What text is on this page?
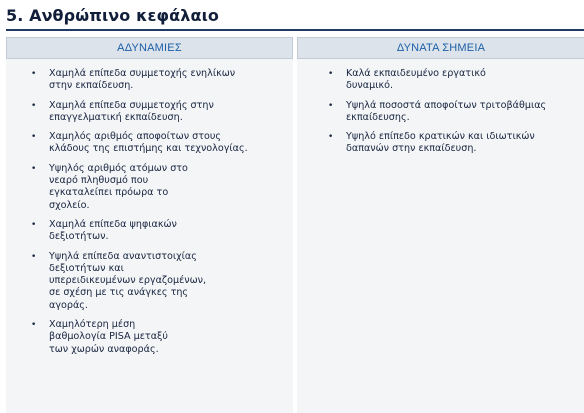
5. Ανθρώπινο κεφάλαιο
ΑΔΥΝΑΜΙΕΣ
• Χαμηλά επίπεδα συμμετοχής ενηλίκων στην εκπαίδευση.
• Χαμηλά επίπεδα συμμετοχής στην επαγγελματική εκπαίδευση.
• Χαμηλός αριθμός αποφοίτων στους κλάδους της επιστήμης και τεχνολογίας.
• Υψηλός αριθμός ατόμων στο νεαρό πληθυσμό που εγκαταλείπει πρόωρα το σχολείο.
• Χαμηλά επίπεδα ψηφιακών δεξιοτήτων.
• Υψηλά επίπεδα αναντιστοιχίας δεξιοτήτων και υπερειδικευμένων εργαζομένων, σε σχέση με τις ανάγκες της αγοράς.
• Χαμηλότερη μέση βαθμολογία PISA μεταξύ των χωρών αναφοράς.
ΔΥΝΑΤΑ ΣΗΜΕΙΑ
• Καλά εκπαιδευμένο εργατικό δυναμικό.
• Υψηλά ποσοστά αποφοίτων τριτοβάθμιας εκπαίδευσης.
• Υψηλό επίπεδο κρατικών και ιδιωτικών δαπανών στην εκπαίδευση.
